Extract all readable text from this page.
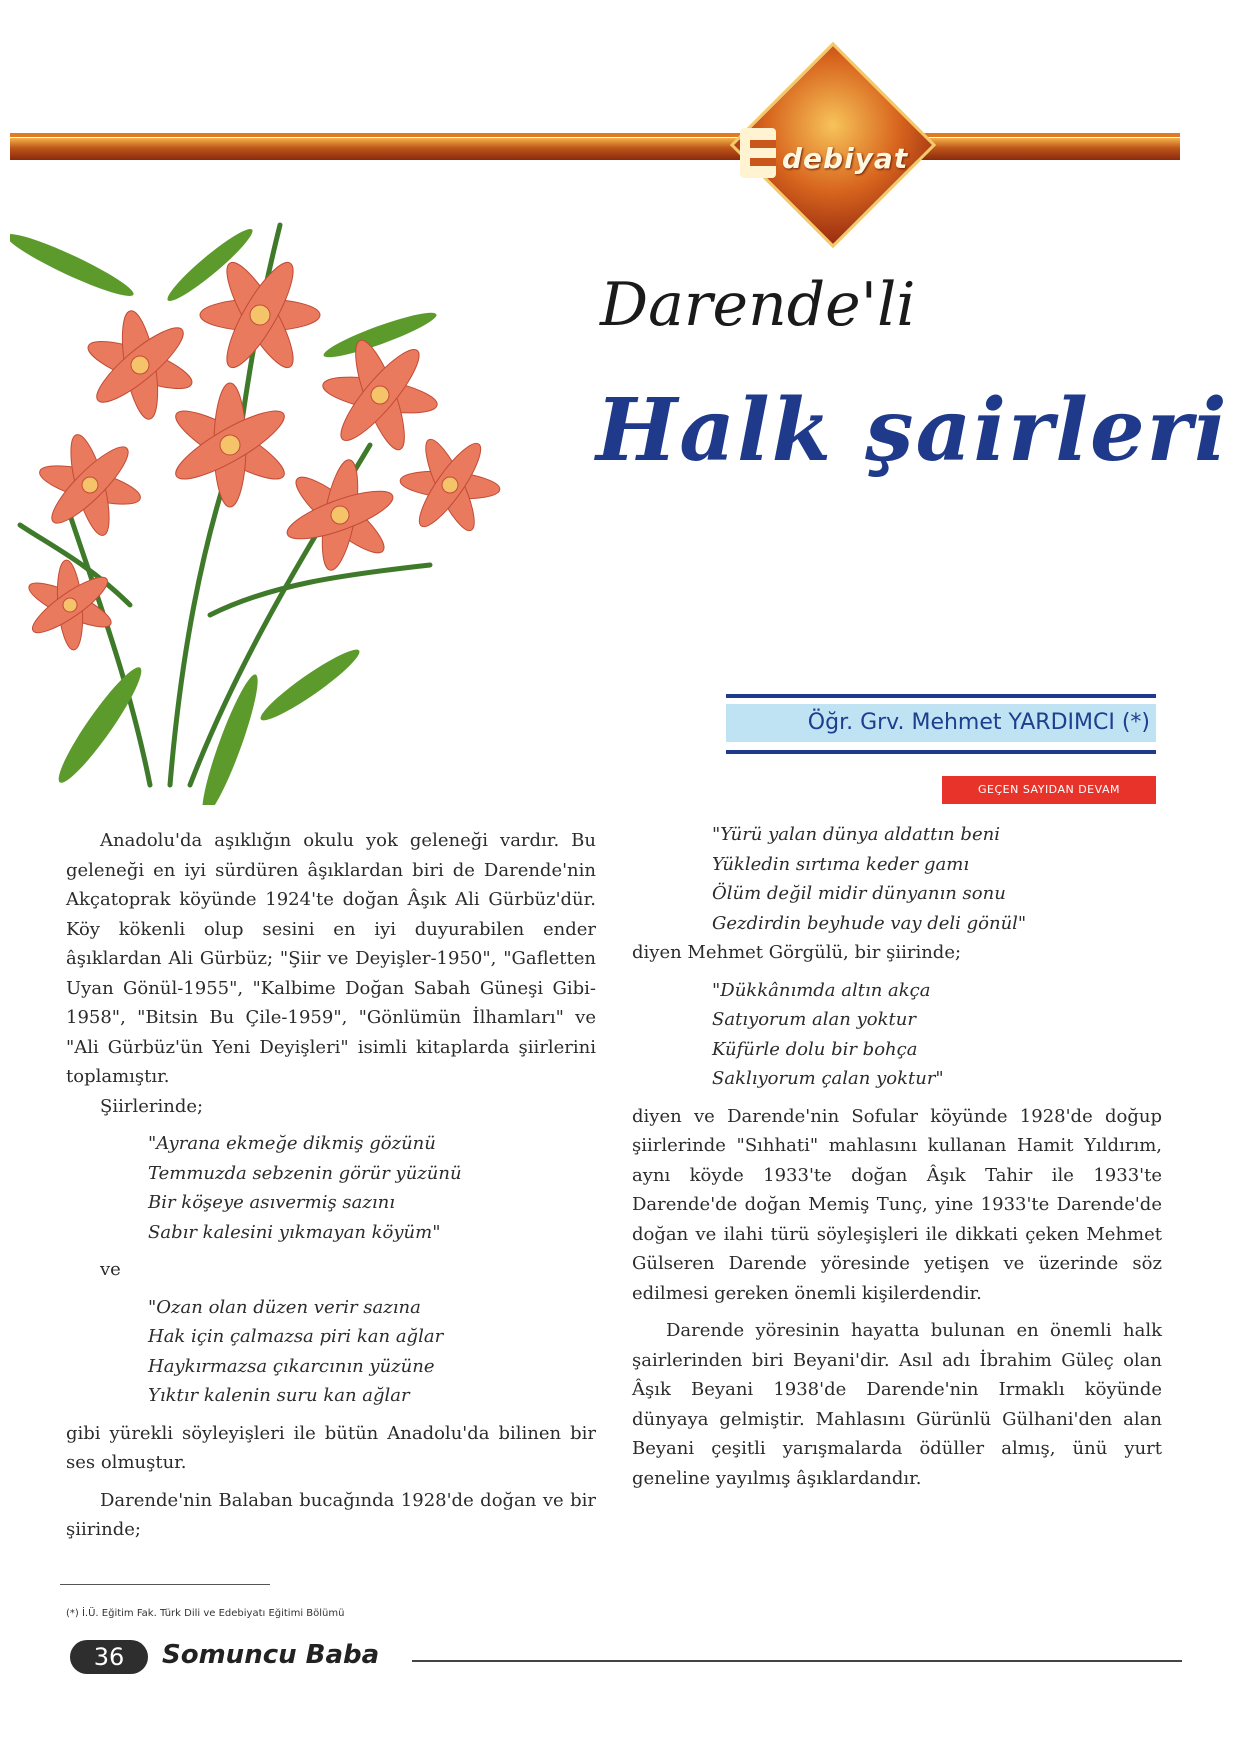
debiyat
Darende'li
Halk şairleri
Öğr. Grv. Mehmet YARDIMCI (*)
GEÇEN SAYIDAN DEVAM

Anadolu'da aşıklığın okulu yok geleneği vardır. Bu geleneği en iyi sürdüren âşıklardan biri de Darende'nin Akçatoprak köyünde 1924'te doğan Âşık Ali Gürbüz'dür. Köy kökenli olup sesini en iyi duyurabilen ender âşıklardan Ali Gürbüz; "Şiir ve Deyişler-1950", "Gafletten Uyan Gönül-1955", "Kalbime Doğan Sabah Güneşi Gibi-1958", "Bitsin Bu Çile-1959", "Gönlümün İlhamları" ve "Ali Gürbüz'ün Yeni Deyişleri" isimli kitaplarda şiirlerini toplamıştır.

Şiirlerinde;

"Ayrana ekmeğe dikmiş gözünü
Temmuzda sebzenin görür yüzünü
Bir köşeye asıvermiş sazını
Sabır kalesini yıkmayan köyüm"

ve

"Ozan olan düzen verir sazına
Hak için çalmazsa piri kan ağlar
Haykırmazsa çıkarcının yüzüne
Yıktır kalenin suru kan ağlar

gibi yürekli söyleyişleri ile bütün Anadolu'da bilinen bir ses olmuştur.

Darende'nin Balaban bucağında 1928'de doğan ve bir şiirinde;

"Yürü yalan dünya aldattın beni
Yükledin sırtıma keder gamı
Ölüm değil midir dünyanın sonu
Gezdirdin beyhude vay deli gönül"

diyen Mehmet Görgülü, bir şiirinde;

"Dükkânımda altın akça
Satıyorum alan yoktur
Küfürle dolu bir bohça
Saklıyorum çalan yoktur"

diyen ve Darende'nin Sofular köyünde 1928'de doğup şiirlerinde "Sıhhati" mahlasını kullanan Hamit Yıldırım, aynı köyde 1933'te doğan Âşık Tahir ile 1933'te Darende'de doğan Memiş Tunç, yine 1933'te Darende'de doğan ve ilahi türü söyleşişleri ile dikkati çeken Mehmet Gülseren Darende yöresinde yetişen ve üzerinde söz edilmesi gereken önemli kişilerdendir.

Darende yöresinin hayatta bulunan en önemli halk şairlerinden biri Beyani'dir. Asıl adı İbrahim Güleç olan Âşık Beyani 1938'de Darende'nin Irmaklı köyünde dünyaya gelmiştir. Mahlasını Gürünlü Gülhani'den alan Beyani çeşitli yarışmalarda ödüller almış, ünü yurt geneline yayılmış âşıklardandır.

(*) İ.Ü. Eğitim Fak. Türk Dili ve Edebiyatı Eğitimi Bölümü
36	Somuncu Baba
